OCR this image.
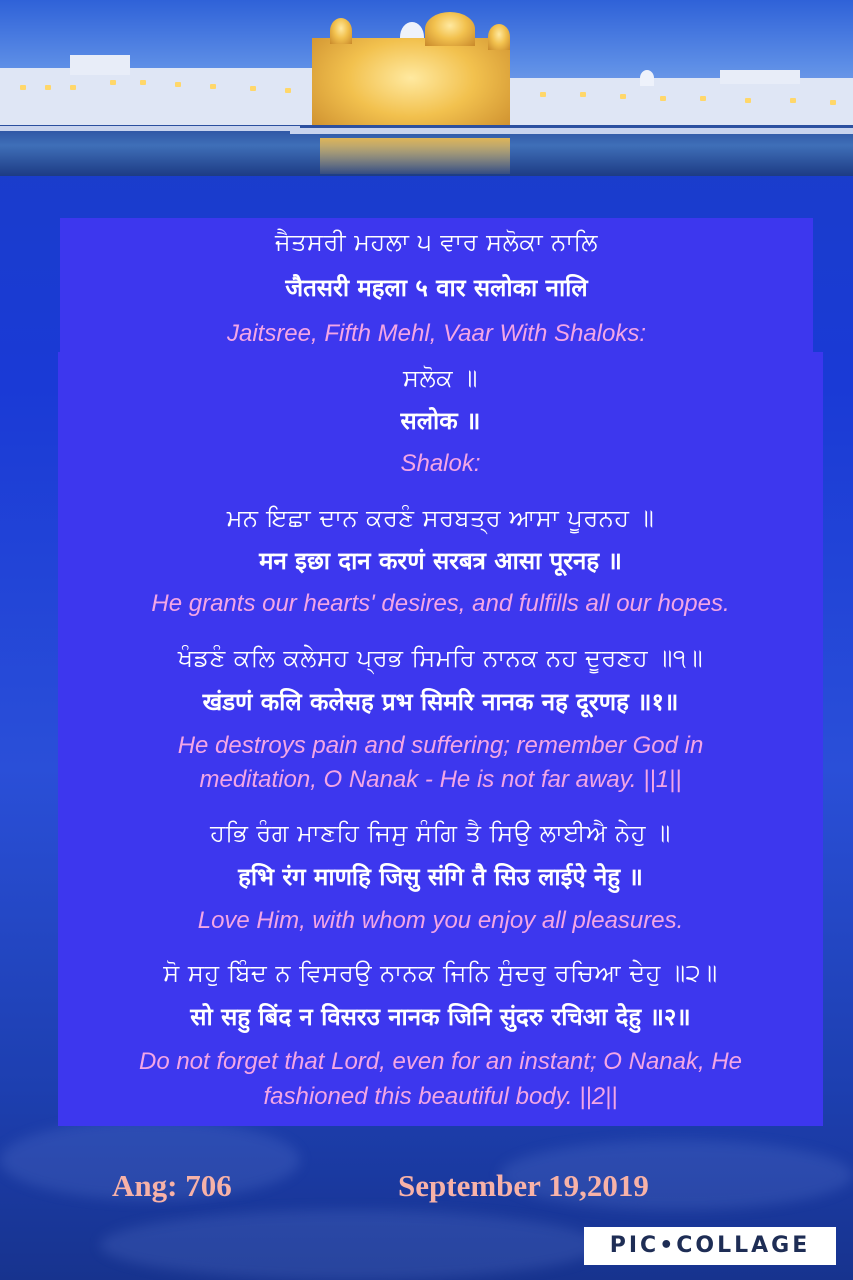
ਜੈਤਸਰੀ ਮਹਲਾ ੫ ਵਾਰ ਸਲੋਕਾ ਨਾਲਿ
जैतसरी महला ५ वार सलोका नालि
Jaitsree, Fifth Mehl, Vaar With Shaloks:
ਸਲੋਕ ॥
सलोक ॥
Shalok:
ਮਨ ਇਛਾ ਦਾਨ ਕਰਣੰ ਸਰਬਤ੍ਰ ਆਸਾ ਪੂਰਨਹ ॥
मन इछा दान करणं सरबत्र आसा पूरनह ॥
He grants our hearts' desires, and fulfills all our hopes.
ਖੰਡਣੰ ਕਲਿ ਕਲੇਸਹ ਪ੍ਰਭ ਸਿਮਰਿ ਨਾਨਕ ਨਹ ਦੂਰਣਹ ॥੧॥
खंडणं कलि कलेसह प्रभ सिमरि नानक नह दूरणह ॥१॥
He destroys pain and suffering; remember God in
meditation, O Nanak - He is not far away. ||1||
ਹਭਿ ਰੰਗ ਮਾਣਹਿ ਜਿਸੁ ਸੰਗਿ ਤੈ ਸਿਉ ਲਾਈਐ ਨੇਹੁ ॥
हभि रंग माणहि जिसु संगि तै सिउ लाईऐ नेहु ॥
Love Him, with whom you enjoy all pleasures.
ਸੋ ਸਹੁ ਬਿੰਦ ਨ ਵਿਸਰਉ ਨਾਨਕ ਜਿਨਿ ਸੁੰਦਰੁ ਰਚਿਆ ਦੇਹੁ ॥੨॥
सो सहु बिंद न विसरउ नानक जिनि सुंदरु रचिआ देहु ॥२॥
Do not forget that Lord, even for an instant; O Nanak, He
fashioned this beautiful body. ||2||
Ang: 706	September 19,2019
PIC•COLLAGE
